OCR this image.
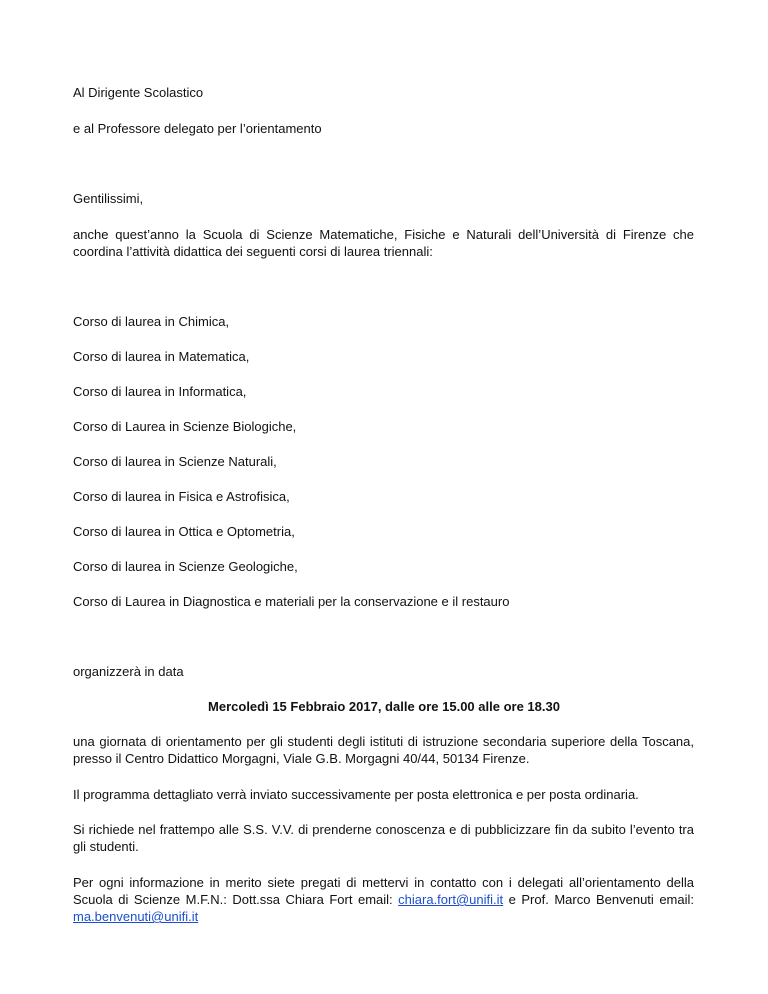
Al Dirigente Scolastico
e al Professore delegato per l’orientamento
Gentilissimi,
anche quest’anno la Scuola di Scienze Matematiche, Fisiche e Naturali dell’Università di Firenze che coordina l’attività didattica dei seguenti corsi di laurea triennali:
Corso di laurea in Chimica,
Corso di laurea in Matematica,
Corso di laurea in Informatica,
Corso di Laurea in Scienze Biologiche,
Corso di laurea in Scienze Naturali,
Corso di laurea in Fisica e Astrofisica,
Corso di laurea in Ottica e Optometria,
Corso di laurea in Scienze Geologiche,
Corso di Laurea in Diagnostica e materiali per la conservazione e il restauro
organizzerà in data
Mercoledì 15 Febbraio 2017, dalle ore 15.00 alle ore 18.30
una giornata di orientamento per gli studenti degli istituti di istruzione secondaria superiore della Toscana, presso il Centro Didattico Morgagni, Viale G.B. Morgagni 40/44, 50134 Firenze.
Il programma dettagliato verrà inviato successivamente per posta elettronica e per posta ordinaria.
Si richiede nel frattempo alle S.S. V.V. di prenderne conoscenza e di pubblicizzare fin da subito l’evento tra gli studenti.
Per ogni informazione in merito siete pregati di mettervi in contatto con i delegati all’orientamento della Scuola di Scienze M.F.N.: Dott.ssa Chiara Fort email: chiara.fort@unifi.it e Prof. Marco Benvenuti email: ma.benvenuti@unifi.it
